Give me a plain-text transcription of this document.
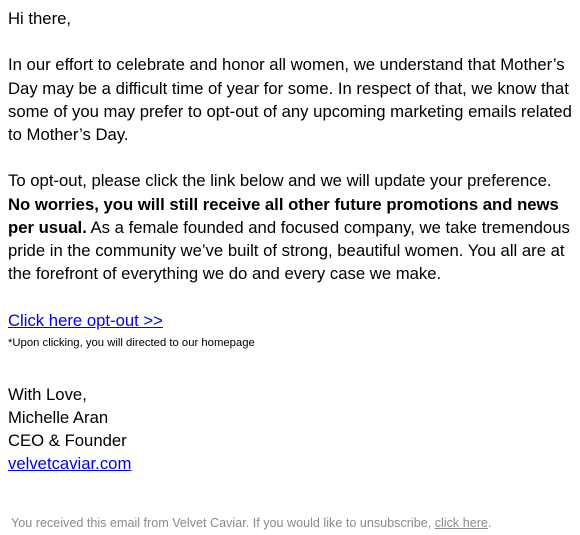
Hi there,

In our effort to celebrate and honor all women, we understand that Mother’s Day may be a difficult time of year for some. In respect of that, we know that some of you may prefer to opt-out of any upcoming marketing emails related to Mother’s Day.

To opt-out, please click the link below and we will update your preference. No worries, you will still receive all other future promotions and news per usual. As a female founded and focused company, we take tremendous pride in the community we’ve built of strong, beautiful women. You all are at the forefront of everything we do and every case we make.

Click here opt-out >>

*Upon clicking, you will directed to our homepage

With Love,
Michelle Aran
CEO & Founder
velvetcaviar.com
You received this email from Velvet Caviar. If you would like to unsubscribe, click here.
